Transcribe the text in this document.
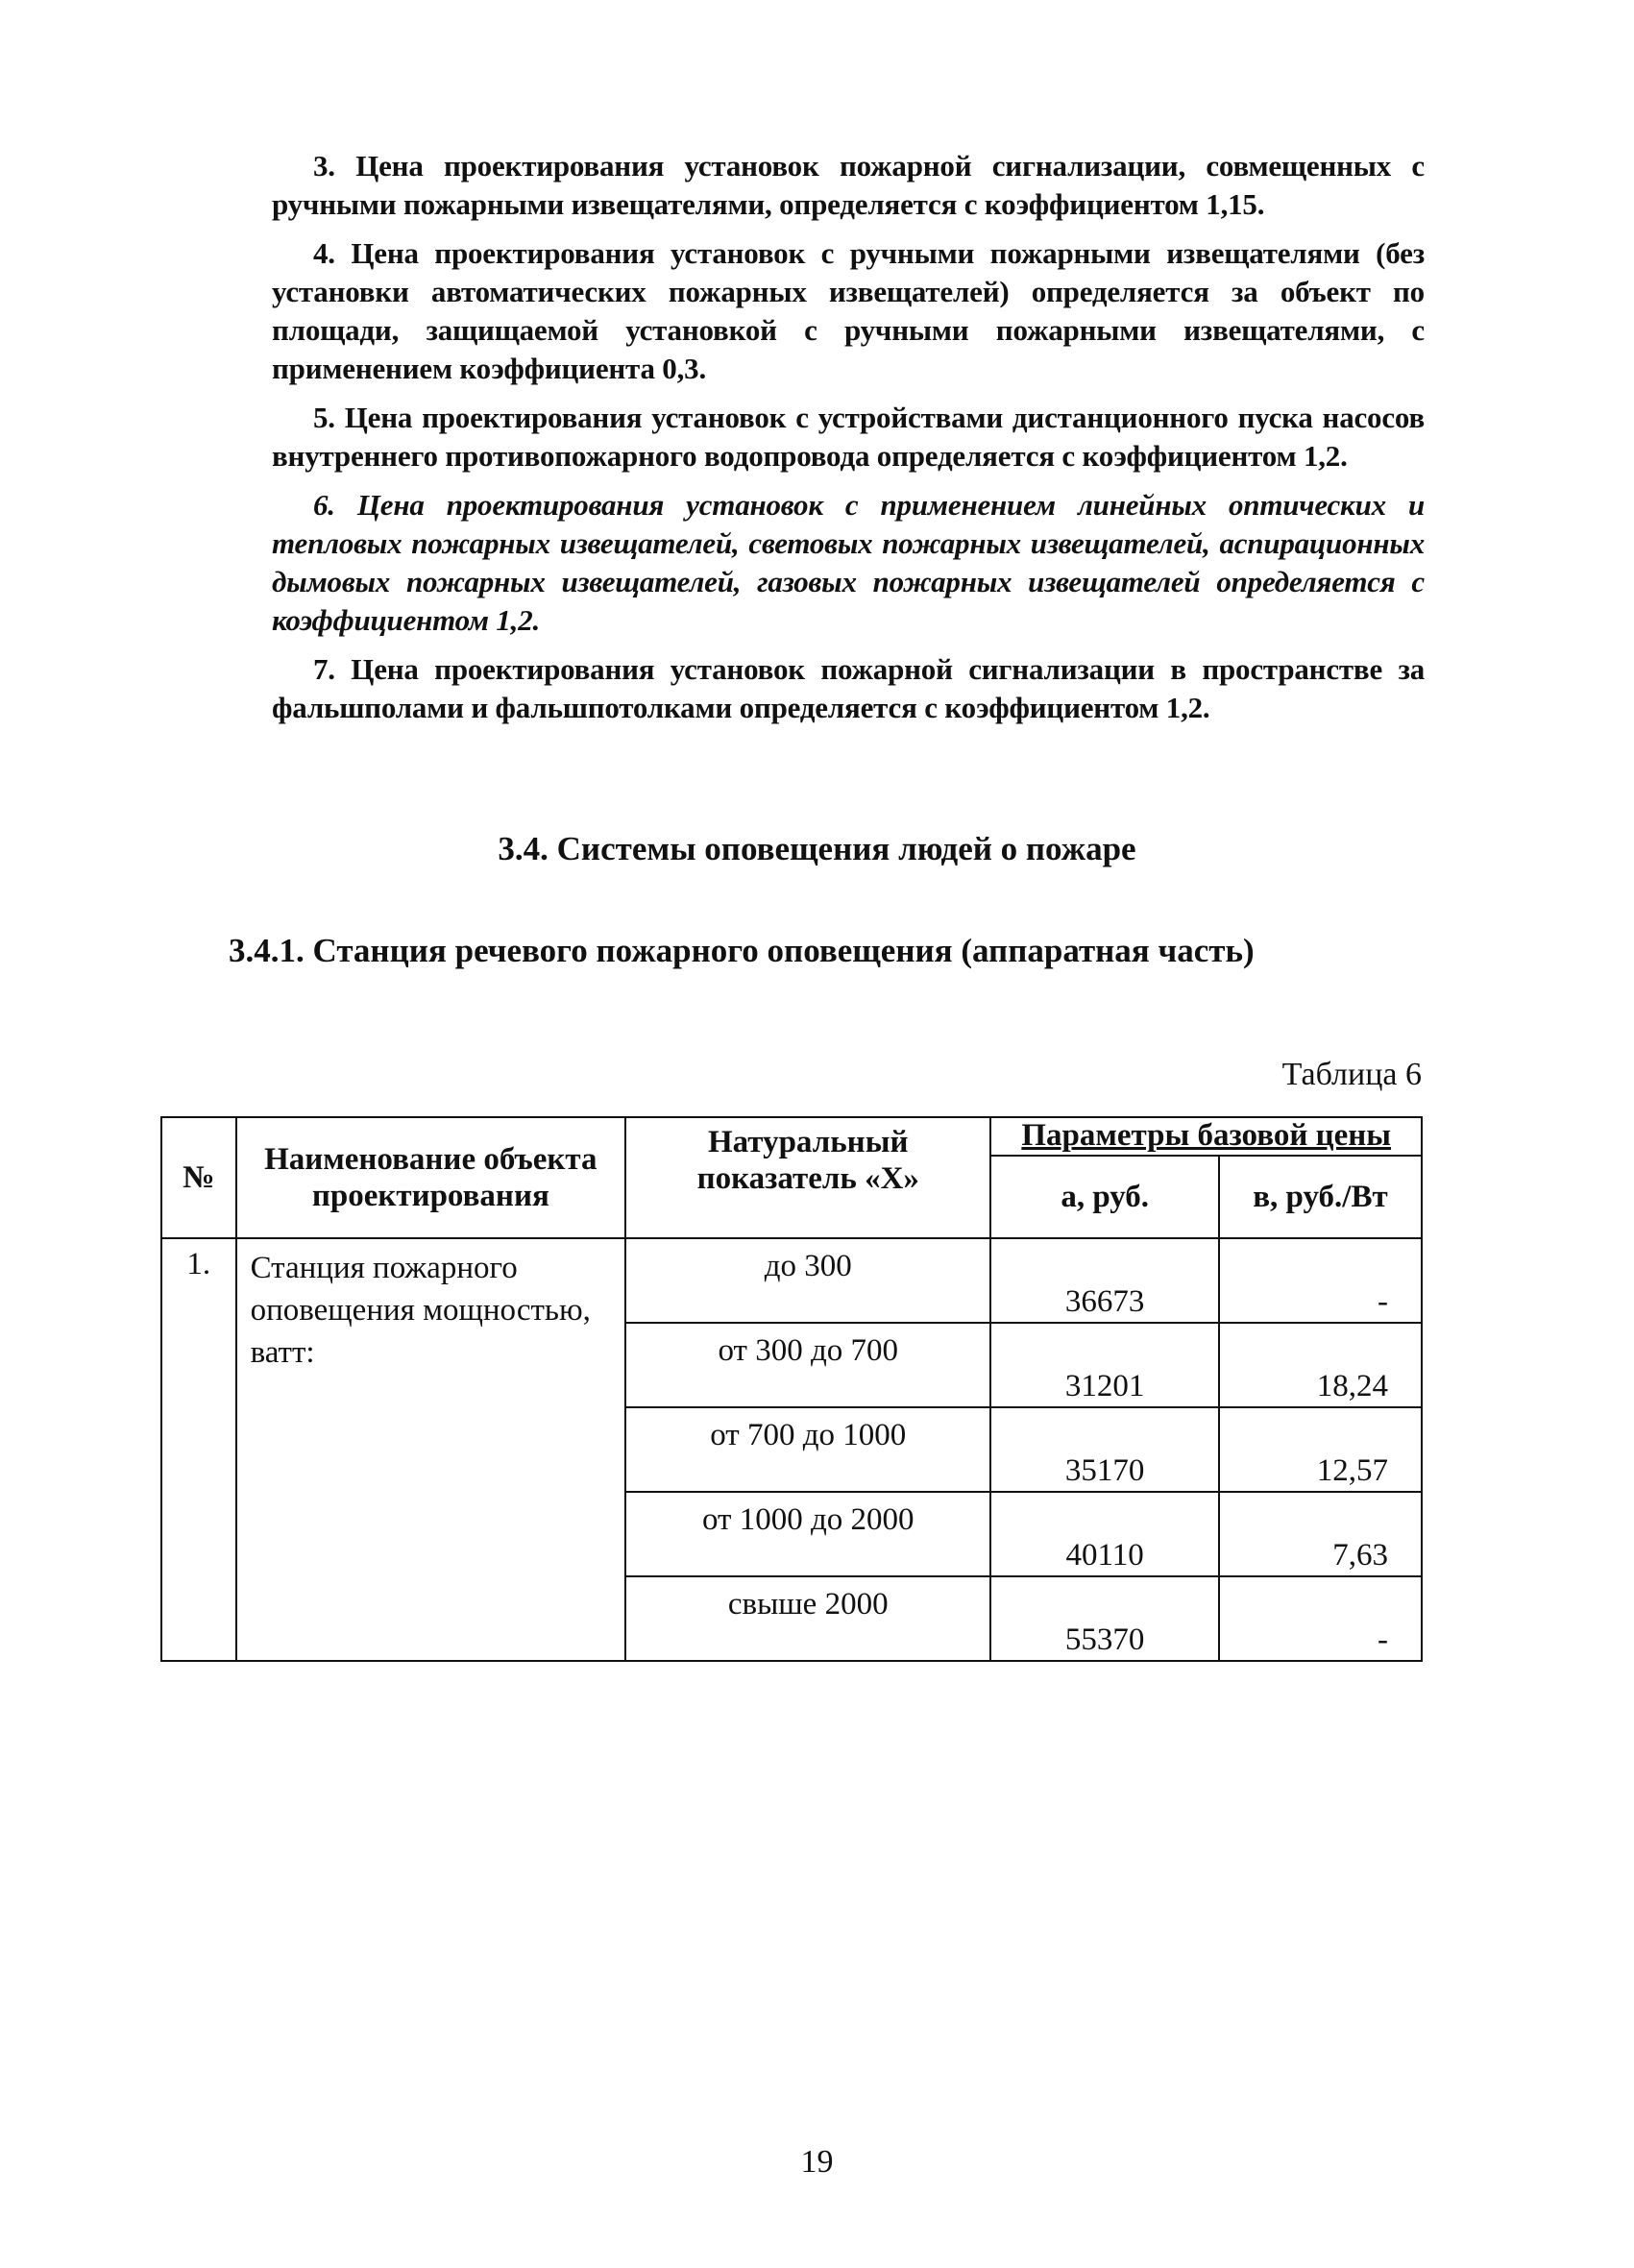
3. Цена проектирования установок пожарной сигнализации, совмещенных с ручными пожарными извещателями, определяется с коэффициентом 1,15.

4. Цена проектирования установок с ручными пожарными извещателями (без установки автоматических пожарных извещателей) определяется за объект по площади, защищаемой установкой с ручными пожарными извещателями, с применением коэффициента 0,3.

5. Цена проектирования установок с устройствами дистанционного пуска насосов внутреннего противопожарного водопровода определяется с коэффициентом 1,2.

6. Цена проектирования установок с применением линейных оптических и тепловых пожарных извещателей, световых пожарных извещателей, аспирационных дымовых пожарных извещателей, газовых пожарных извещателей определяется с коэффициентом 1,2.

7. Цена проектирования установок пожарной сигнализации в пространстве за фальшполами и фальшпотолками определяется с коэффициентом 1,2.

3.4. Системы оповещения людей о пожаре
3.4.1. Станция речевого пожарного оповещения (аппаратная часть)
Таблица 6
№	Наименование объекта проектирования	Натуральный показатель «X»	Параметры базовой цены	
			а, руб.	в, руб./Вт
1.	Станция пожарного оповещения мощностью, ватт:	до 300	36673	-
		от 300 до 700	31201	18,24
		от 700 до 1000	35170	12,57
		от 1000 до 2000	40110	7,63
		свыше 2000	55370	-
19
